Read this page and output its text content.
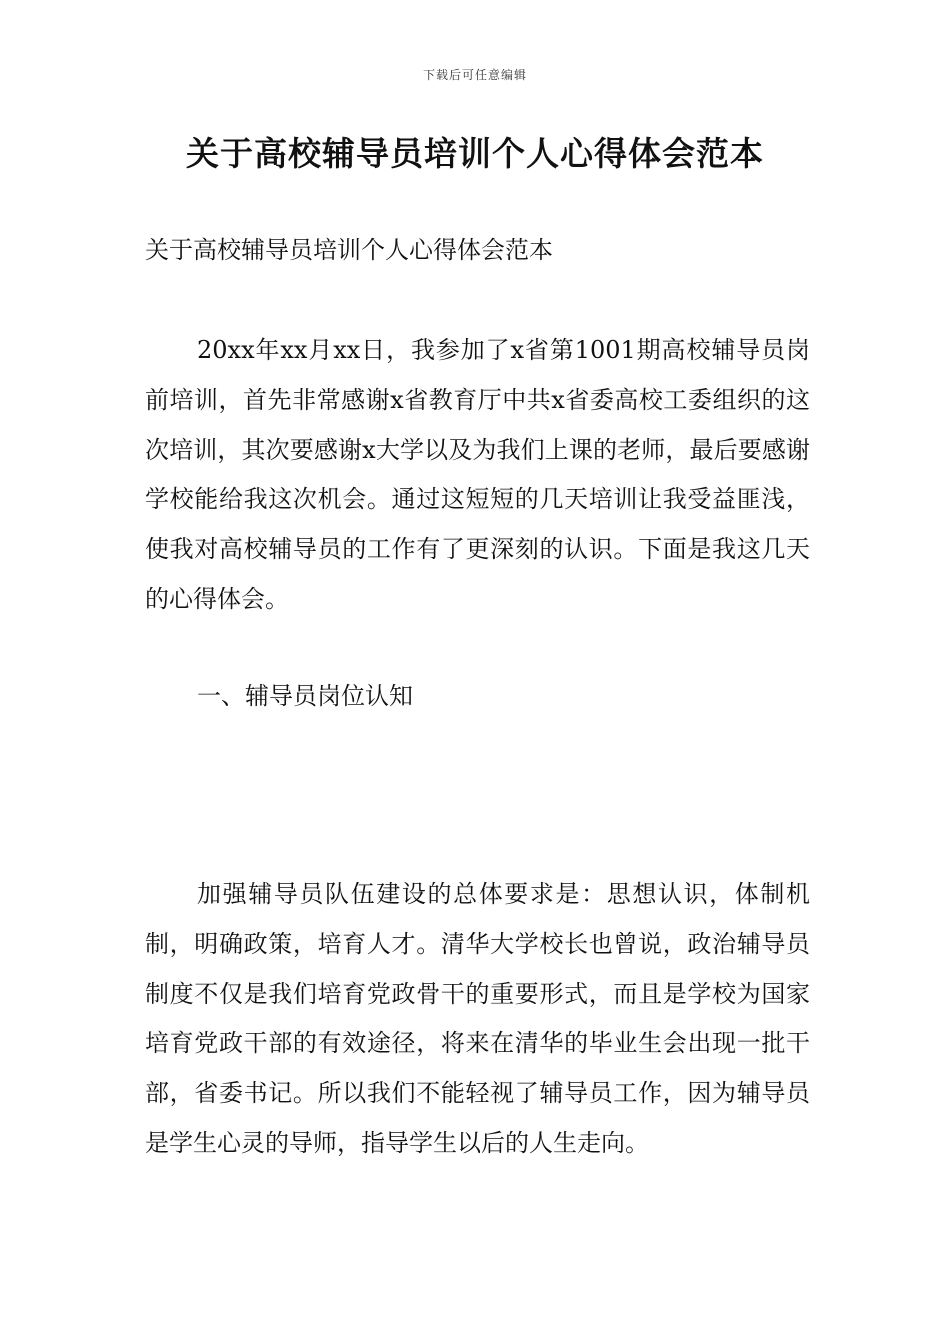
下载后可任意编辑
关于高校辅导员培训个人心得体会范本

关于高校辅导员培训个人心得体会范本

20xx年xx月xx日，我参加了x省第1001期高校辅导员岗前培训，首先非常感谢x省教育厅中共x省委高校工委组织的这次培训，其次要感谢x大学以及为我们上课的老师，最后要感谢学校能给我这次机会。通过这短短的几天培训让我受益匪浅，使我对高校辅导员的工作有了更深刻的认识。下面是我这几天的心得体会。

一、辅导员岗位认知

加强辅导员队伍建设的总体要求是：思想认识，体制机制，明确政策，培育人才。清华大学校长也曾说，政治辅导员制度不仅是我们培育党政骨干的重要形式，而且是学校为国家培育党政干部的有效途径，将来在清华的毕业生会出现一批干部，省委书记。所以我们不能轻视了辅导员工作，因为辅导员是学生心灵的导师，指导学生以后的人生走向。
